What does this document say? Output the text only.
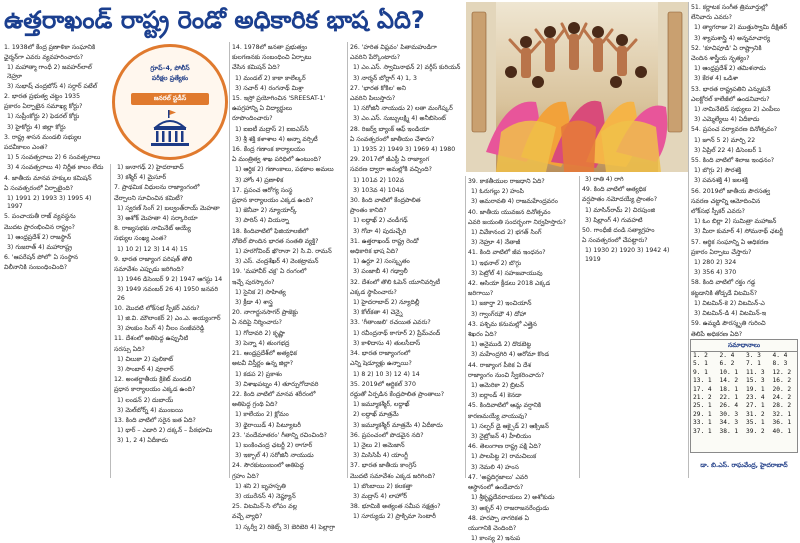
ఉత్తరాఖండ్ రాష్ట్ర రెండో అధికారిక భాష ఏది?
గ్రూప్–4, పోలీస్
పరీక్షల ప్రత్యేకం
జనరల్ స్టడీస్

1. 1938లో కేంద్ర ప్రణాళికా సంఘానికి

ఛైర్మన్‌గా ఎవరు వ్యవహరించారు?

1) మహాత్మా గాంధీ 2) జవహర్‌లాల్ నెహ్రూ

3) సుభాష్ చంద్రబోస్ 4) సర్దార్ పటేల్

2. భారత ప్రభుత్వ చట్టం 1935

ప్రకారం ఏర్పాటైన సమాఖ్య కోర్టు?

1) సుప్రీంకోర్టు 2) ఫెడరల్ కోర్టు

3) హైకోర్టు 4) జిల్లా కోర్టు

3. రాష్ట్ర శాసన మండలి సభ్యుల

పదవీకాలం ఎంత?

1) 5 సంవత్సరాలు 2) 6 సంవత్సరాలు

3) 4 సంవత్సరాలు 4) నిర్ణీత కాలం లేదు

4. జాతీయ మానవ హక్కుల కమిషన్

ఏ సంవత్సరంలో ఏర్పాటైంది?

1) 1991 2) 1993 3) 1995 4) 1997

5. పంచాయతీ రాజ్ వ్యవస్థను

మొదట ప్రారంభించిన రాష్ట్రం?

1) ఆంధ్రప్రదేశ్ 2) రాజస్థాన్

3) గుజరాత్ 4) మహారాష్ట్ర

6. 'ఆపరేషన్ పోలో' ఏ సంస్థాన

విలీనానికి సంబంధించింది?

1) జునాగఢ్ 2) హైదరాబాద్

3) కశ్మీర్ 4) మైసూర్

7. ప్రాథమిక విధులను రాజ్యాంగంలో

చేర్చాలని సూచించిన కమిటీ?

1) స్వరణ్ సింగ్ 2) బల్వంత్‌రాయ్ మెహతా

3) అశోక్ మెహతా 4) సర్కారియా

8. రాజ్యసభకు నామినేట్ అయ్యే

సభ్యుల సంఖ్య ఎంత?

1) 10 2) 12 3) 14 4) 15

9. భారత రాజ్యాంగ పరిషత్ తొలి

సమావేశం ఎప్పుడు జరిగింది?

1) 1946 డిసెంబర్ 9 2) 1947 ఆగస్టు 14

3) 1949 నవంబర్ 26 4) 1950 జనవరి 26

10. మొదటి లోక్‌సభ స్పీకర్ ఎవరు?

1) జి.వి. మౌలాంకర్ 2) ఎం.ఎ. అయ్యంగార్

3) హుకుం సింగ్ 4) నీలం సంజీవరెడ్డి

11. దేశంలో అతిపెద్ద ఉప్పునీటి

సరస్సు ఏది?

1) చిలుకా 2) పులికాట్

3) సాంబార్ 4) వూలార్

12. అంతర్జాతీయ క్రికెట్ మండలి

ప్రధాన కార్యాలయం ఎక్కడ ఉంది?

1) లండన్ 2) దుబాయ్

3) మెల్‌బోర్న్ 4) ముంబయి

13. కింది వాటిలో సరైన జత ఏది?

1) థార్ – ఎడారి 2) దక్కన్ – పీఠభూమి

3) 1, 2 4) ఏదీకాదు

14. 1978లో జనతా ప్రభుత్వం

కులగణనకు సంబంధించి ఏర్పాటు

చేసిన కమిషన్ ఏది?

1) మండల్ 2) కాకా కాలేల్కర్

3) సచార్ 4) రంగనాథ్ మిశ్రా

15. ఇస్రో ప్రయోగించిన 'SREESAT-1'

ఉపగ్రహాన్ని ఏ విద్యార్థులు

రూపొందించారు?

1) ఐఐటీ మద్రాస్ 2) ఐఐఎస్‌సీ

3) శ్రీ శక్తి కళాశాల 4) అన్నా వర్సిటీ

16. కేంద్ర గణాంక కార్యాలయం

ఏ మంత్రిత్వ శాఖ పరిధిలో ఉంటుంది?

1) ఆర్థిక 2) గణాంకాలు, పథకాల అమలు

3) హోం 4) ప్రణాళిక

17. ప్రపంచ ఆరోగ్య సంస్థ

ప్రధాన కార్యాలయం ఎక్కడ ఉంది?

1) జెనీవా 2) న్యూయార్క్

3) పారిస్ 4) వియన్నా

18. కిందివాటిలో ఫిజియాలజీలో

నోబెల్ పొందిన భారత సంతతి వ్యక్తి?

1) హరగోవింద్ ఖొరానా 2) సి.వి. రామన్

3) ఎస్. చంద్రశేఖర్ 4) వెంకట్రామన్

19. 'మహావీర్ చక్ర' ఏ రంగంలో

ఇచ్చే పురస్కారం?

1) సైనిక 2) సాహిత్య

3) క్రీడా 4) శాస్త్ర

20. నాగార్జునసాగర్ ప్రాజెక్టు

ఏ నదిపై నిర్మించారు?

1) గోదావరి 2) కృష్ణా

3) పెన్నా 4) తుంగభద్ర

21. ఆంధ్రప్రదేశ్‌లో అత్యధిక

అటవీ విస్తీర్ణం ఉన్న జిల్లా?

1) కడప 2) ప్రకాశం

3) విశాఖపట్నం 4) తూర్పుగోదావరి

22. కింది వాటిలో మానవ శరీరంలో

అతిపెద్ద గ్రంథి ఏది?

1) కాలేయం 2) క్లోమం

3) థైరాయిడ్ 4) పిట్యూటరీ

23. 'వందేమాతరం' గీతాన్ని రచించింది?

1) బంకించంద్ర ఛటర్జీ 2) ఠాగూర్

3) ఇక్బాల్ 4) సరోజినీ నాయుడు

24. సౌరకుటుంబంలో అతిపెద్ద

గ్రహం ఏది?

1) శని 2) బృహస్పతి

3) యురేనస్ 4) నెప్ట్యూన్

25. విటమిన్-సి లోపం వల్ల

వచ్చే వ్యాధి?

1) స్కర్వీ 2) రికెట్స్ 3) బెరిబెరి 4) పెల్లాగ్రా

26. 'హరిత విప్లవం' పితామహుడిగా

ఎవరిని పేర్కొంటారు?

1) ఎం.ఎస్. స్వామినాథన్ 2) వర్గీస్ కురియన్

3) నార్మన్ బోర్లాగ్ 4) 1, 3

27. 'భారత కోకిల' అని

ఎవరిని పిలుస్తారు?

1) సరోజినీ నాయుడు 2) లతా మంగేష్కర్

3) ఎం.ఎస్. సుబ్బులక్ష్మి 4) అనీబిసెంట్

28. రిజర్వ్ బ్యాంక్ ఆఫ్ ఇండియా

ఏ సంవత్సరంలో జాతీయం చేశారు?

1) 1935 2) 1949 3) 1969 4) 1980

29. 2017లో జీఎస్టీ ఏ రాజ్యాంగ

సవరణ ద్వారా అమల్లోకి వచ్చింది?

1) 101వ 2) 102వ

3) 103వ 4) 104వ

30. కింది వాటిలో కేంద్రపాలిత

ప్రాంతం కానిది?

1) లద్దాఖ్ 2) చండీగఢ్

3) గోవా 4) పుదుచ్చేరి

31. ఉత్తరాఖండ్ రాష్ట్ర రెండో

అధికారిక భాష ఏది?

1) ఉర్దూ 2) సంస్కృతం

3) పంజాబీ 4) గఢ్వాలీ

32. దేశంలో తొలి ఓపెన్ యూనివర్సిటీ

ఎక్కడ స్థాపించారు?

1) హైదరాబాద్ 2) న్యూదిల్లీ

3) కోల్‌కతా 4) చెన్నై

33. 'గీతాంజలి' రచయిత ఎవరు?

1) రవీంద్రనాథ్ ఠాగూర్ 2) ప్రేమ్‌చంద్

3) కాళిదాసు 4) తులసీదాస్

34. భారత రాజ్యాంగంలో

ఎన్ని షెడ్యూళ్లు ఉన్నాయి?

1) 8 2) 10 3) 12 4) 14

35. 2019లో ఆర్టికల్ 370

రద్దుతో ఏర్పడిన కేంద్రపాలిత ప్రాంతాలు?

1) జమ్మూకశ్మీర్, లద్దాఖ్

2) లద్దాఖ్ మాత్రమే

3) జమ్మూకశ్మీర్ మాత్రమే 4) ఏదీకాదు

36. ప్రపంచంలో పొడవైన నది?

1) నైలు 2) అమెజాన్

3) మిసిసిపీ 4) యాంగ్జీ

37. భారత జాతీయ కాంగ్రెస్

మొదటి సమావేశం ఎక్కడ జరిగింది?

1) బొంబాయి 2) కలకత్తా

3) మద్రాస్ 4) లాహోర్

38. భూమికి అత్యంత సమీప నక్షత్రం?

1) సూర్యుడు 2) ప్రాక్సిమా సెంటారీ

39. కాకతీయుల రాజధాని ఏది?

1) ఓరుగల్లు 2) హంపి

3) అమరావతి 4) రాజమహేంద్రవరం

40. జాతీయ యువజన దినోత్సవం

ఎవరి జయంతి సందర్భంగా నిర్వహిస్తారు?

1) వివేకానంద 2) భగత్ సింగ్

3) నెహ్రూ 4) నేతాజీ

41. కింది వాటిలో జీవ ఇంధనం?

1) ఇథనాల్ 2) బొగ్గు

3) పెట్రోల్ 4) సహజవాయువు

42. ఆసియా క్రీడలు 2018 ఎక్కడ

జరిగాయి?

1) జకార్తా 2) ఇంచియాన్

3) గ్వాంగ్‌ఝౌ 4) దోహా

43. పశ్చిమ కనుమల్లో ఎత్తైన

శిఖరం ఏది?

1) అనైముడి 2) దొడబెట్ట

3) మహేంద్రగిరి 4) అరోమా కొండ

44. రాజ్యాంగ పీఠిక ఏ దేశ

రాజ్యాంగం నుంచి స్వీకరించారు?

1) అమెరికా 2) బ్రిటన్

3) ఐర్లాండ్ 4) కెనడా

45. కిందివాటిలో ఆమ్ల వర్షానికి

కారణమయ్యే వాయువు?

1) సల్ఫర్ డై ఆక్సైడ్ 2) ఆక్సిజన్

3) నైట్రోజన్ 4) హీలియం

46. తెలంగాణ రాష్ట్ర పక్షి ఏది?

1) పాలపిట్ట 2) రామచిలుక

3) నెమలి 4) హంస

47. 'అష్టదిగ్గజాలు' ఎవరి

ఆస్థానంలో ఉండేవారు?

1) శ్రీకృష్ణదేవరాయలు 2) అశోకుడు

3) అక్బర్ 4) రాజరాజనరేంద్రుడు

48. హరప్పా నాగరికత ఏ

యుగానికి చెందింది?

1) కాంస్య 2) ఇనుప

3) రాతి 4) రాగి

49. కింది వాటిలో అత్యధిక

వర్షపాతం నమోదయ్యే ప్రాంతం?

1) మాసిన్‌రామ్ 2) చిరపుంజి

3) షిల్లాంగ్ 4) గువహటి

50. గాంధీజీ దండి సత్యాగ్రహం

ఏ సంవత్సరంలో చేపట్టారు?

1) 1930 2) 1920 3) 1942 4) 1919

51. కర్ణాటక సంగీత త్రిమూర్తుల్లో

లేనివారు ఎవరు?

1) త్యాగరాజు 2) ముత్తుస్వామి దీక్షితర్

3) శ్యామశాస్త్రి 4) అన్నమాచార్య

52. 'కూచిపూడి' ఏ రాష్ట్రానికి

చెందిన శాస్త్రీయ నృత్యం?

1) ఆంధ్రప్రదేశ్ 2) తమిళనాడు

3) కేరళ 4) ఒడిశా

53. భారత రాష్ట్రపతిని ఎన్నుకునే

ఎలక్టోరల్ కాలేజీలో ఉండనివారు?

1) నామినేటెడ్ సభ్యులు 2) ఎంపీలు

3) ఎమ్మెల్యేలు 4) ఏదీకాదు

54. ప్రపంచ పర్యావరణ దినోత్సవం?

1) జూన్ 5 2) మార్చి 22

3) ఏప్రిల్ 22 4) డిసెంబర్ 1

55. కింది వాటిలో శిలాజ ఇంధనం?

1) బొగ్గు 2) సౌరశక్తి

3) పవనశక్తి 4) జలశక్తి

56. 2019లో జాతీయ పౌరసత్వ

సవరణ చట్టాన్ని ఆమోదించిన

లోక్‌సభ స్పీకర్ ఎవరు?

1) ఓం బిర్లా 2) సుమిత్రా మహాజన్

3) మీరా కుమార్ 4) సోమనాథ్ ఛటర్జీ

57. ఆర్థిక సంఘాన్ని ఏ అధికరణ

ప్రకారం ఏర్పాటు చేస్తారు?

1) 280 2) 324

3) 356 4) 370

58. కింది వాటిలో రక్తం గడ్డ

కట్టడానికి తోడ్పడే విటమిన్?

1) విటమిన్-కె 2) విటమిన్-ఎ

3) విటమిన్-డి 4) విటమిన్-ఇ

59. ఉమ్మడి పౌరస్మృతి గురించి

తెలిపే అధికరణ ఏది?

సమాధానాలు
1. 2	2. 4	3. 3	4. 4
5. 1	6. 2	7. 1	8. 3
9. 1	10. 1	11. 3	12. 2
13. 1	14. 2	15. 3	16. 2
17. 4	18. 1	19. 1	20. 2
21. 2	22. 1	23. 4	24. 2
25. 1	26. 4	27. 1	28. 2
29. 1	30. 3	31. 2	32. 1
33. 1	34. 3	35. 1	36. 1
37. 1	38. 1	39. 2	40. 1
డా. బి.ఎస్. రాఘవేంద్ర, హైదరాబాద్
